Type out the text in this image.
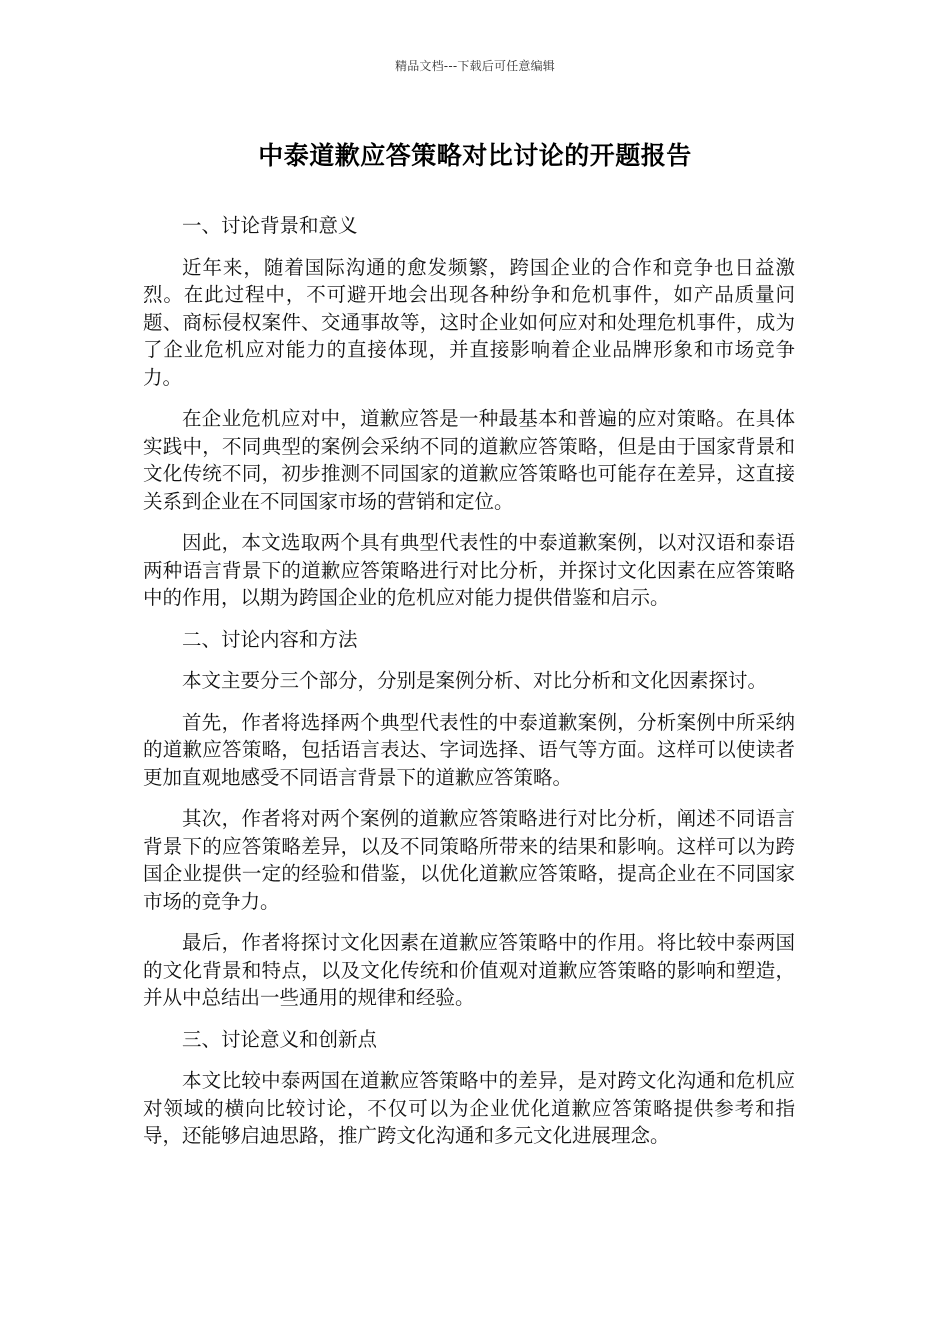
精品文档---下载后可任意编辑
中泰道歉应答策略对比讨论的开题报告

一、讨论背景和意义

近年来，随着国际沟通的愈发频繁，跨国企业的合作和竞争也日益激烈。在此过程中，不可避开地会出现各种纷争和危机事件，如产品质量问题、商标侵权案件、交通事故等，这时企业如何应对和处理危机事件，成为了企业危机应对能力的直接体现，并直接影响着企业品牌形象和市场竞争力。

在企业危机应对中，道歉应答是一种最基本和普遍的应对策略。在具体实践中，不同典型的案例会采纳不同的道歉应答策略，但是由于国家背景和文化传统不同，初步推测不同国家的道歉应答策略也可能存在差异，这直接关系到企业在不同国家市场的营销和定位。

因此，本文选取两个具有典型代表性的中泰道歉案例，以对汉语和泰语两种语言背景下的道歉应答策略进行对比分析，并探讨文化因素在应答策略中的作用，以期为跨国企业的危机应对能力提供借鉴和启示。

二、讨论内容和方法

本文主要分三个部分，分别是案例分析、对比分析和文化因素探讨。

首先，作者将选择两个典型代表性的中泰道歉案例，分析案例中所采纳的道歉应答策略，包括语言表达、字词选择、语气等方面。这样可以使读者更加直观地感受不同语言背景下的道歉应答策略。

其次，作者将对两个案例的道歉应答策略进行对比分析，阐述不同语言背景下的应答策略差异，以及不同策略所带来的结果和影响。这样可以为跨国企业提供一定的经验和借鉴，以优化道歉应答策略，提高企业在不同国家市场的竞争力。

最后，作者将探讨文化因素在道歉应答策略中的作用。将比较中泰两国的文化背景和特点，以及文化传统和价值观对道歉应答策略的影响和塑造，并从中总结出一些通用的规律和经验。

三、讨论意义和创新点

本文比较中泰两国在道歉应答策略中的差异，是对跨文化沟通和危机应对领域的横向比较讨论，不仅可以为企业优化道歉应答策略提供参考和指导，还能够启迪思路，推广跨文化沟通和多元文化进展理念。
